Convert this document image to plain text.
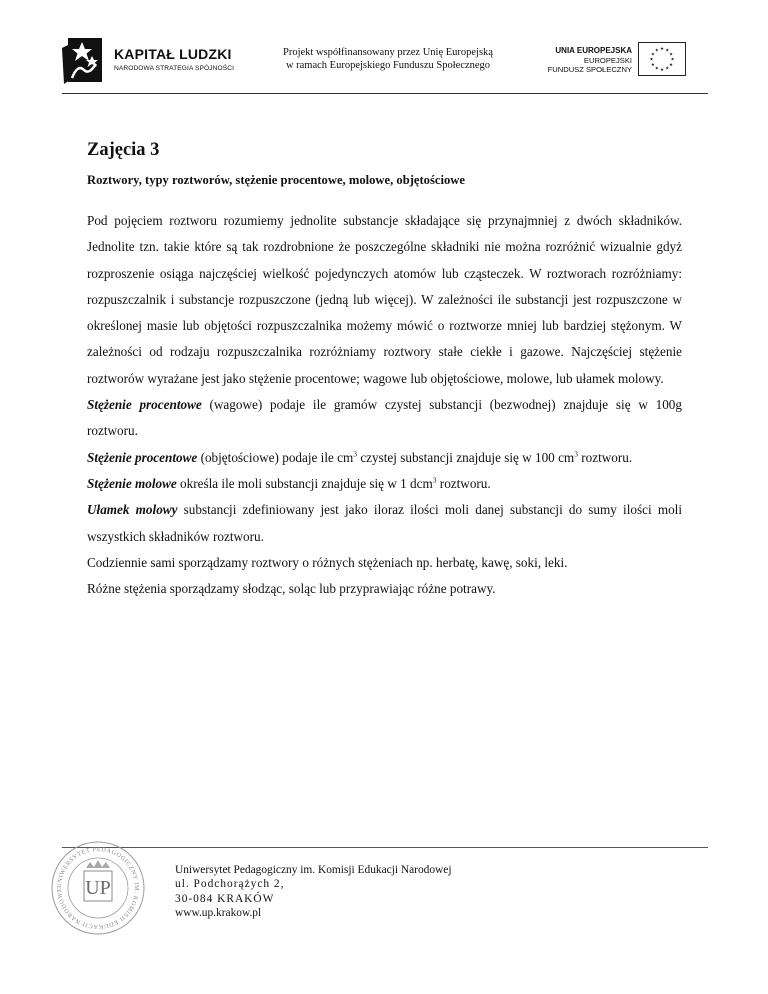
KAPITAŁ LUDZKI
NARODOWA STRATEGIA SPÓJNOŚCI
Projekt współfinansowany przez Unię Europejską
w ramach Europejskiego Funduszu Społecznego
UNIA EUROPEJSKA
EUROPEJSKI
FUNDUSZ SPOŁECZNY
★ ★
★
★
★
★
★
★
★
★
★
★
Zajęcia 3
Roztwory, typy roztworów, stężenie procentowe, molowe, objętościowe

Pod pojęciem roztworu rozumiemy jednolite substancje składające się przynajmniej z dwóch składników. Jednolite tzn. takie które są tak rozdrobnione że poszczególne składniki nie można rozróżnić wizualnie gdyż rozproszenie osiąga najczęściej wielkość pojedynczych atomów lub cząsteczek. W roztworach rozróżniamy: rozpuszczalnik i substancje rozpuszczone (jedną lub więcej). W zależności ile substancji jest rozpuszczone w określonej masie lub objętości rozpuszczalnika możemy mówić o roztworze mniej lub bardziej stężonym. W zależności od rodzaju rozpuszczalnika rozróżniamy roztwory stałe ciekłe i gazowe. Najczęściej stężenie roztworów wyrażane jest jako stężenie procentowe; wagowe lub objętościowe, molowe, lub ułamek molowy.

Stężenie procentowe (wagowe) podaje ile gramów czystej substancji (bezwodnej) znajduje się w 100g roztworu.

Stężenie procentowe (objętościowe) podaje ile $cm^3$ czystej substancji znajduje się w 100 $cm^3$ roztworu.

Stężenie molowe określa ile moli substancji znajduje się w 1 dcm$^3$ roztworu.

Ułamek molowy substancji zdefiniowany jest jako iloraz ilości moli danej substancji do sumy ilości moli wszystkich składników roztworu.

Codziennie sami sporządzamy roztwory o różnych stężeniach np. herbatę, kawę, soki, leki.

Różne stężenia sporządzamy słodząc, soląc lub przyprawiając różne potrawy.

UNIWERSYTET PEDAGOGICZNY IM. KOMISJI EDUKACJI NARODOWE	UP
Uniwersytet Pedagogiczny im. Komisji Edukacji Narodowej
ul. Podchorążych 2,
30-084 KRAKÓW
www.up.krakow.pl
